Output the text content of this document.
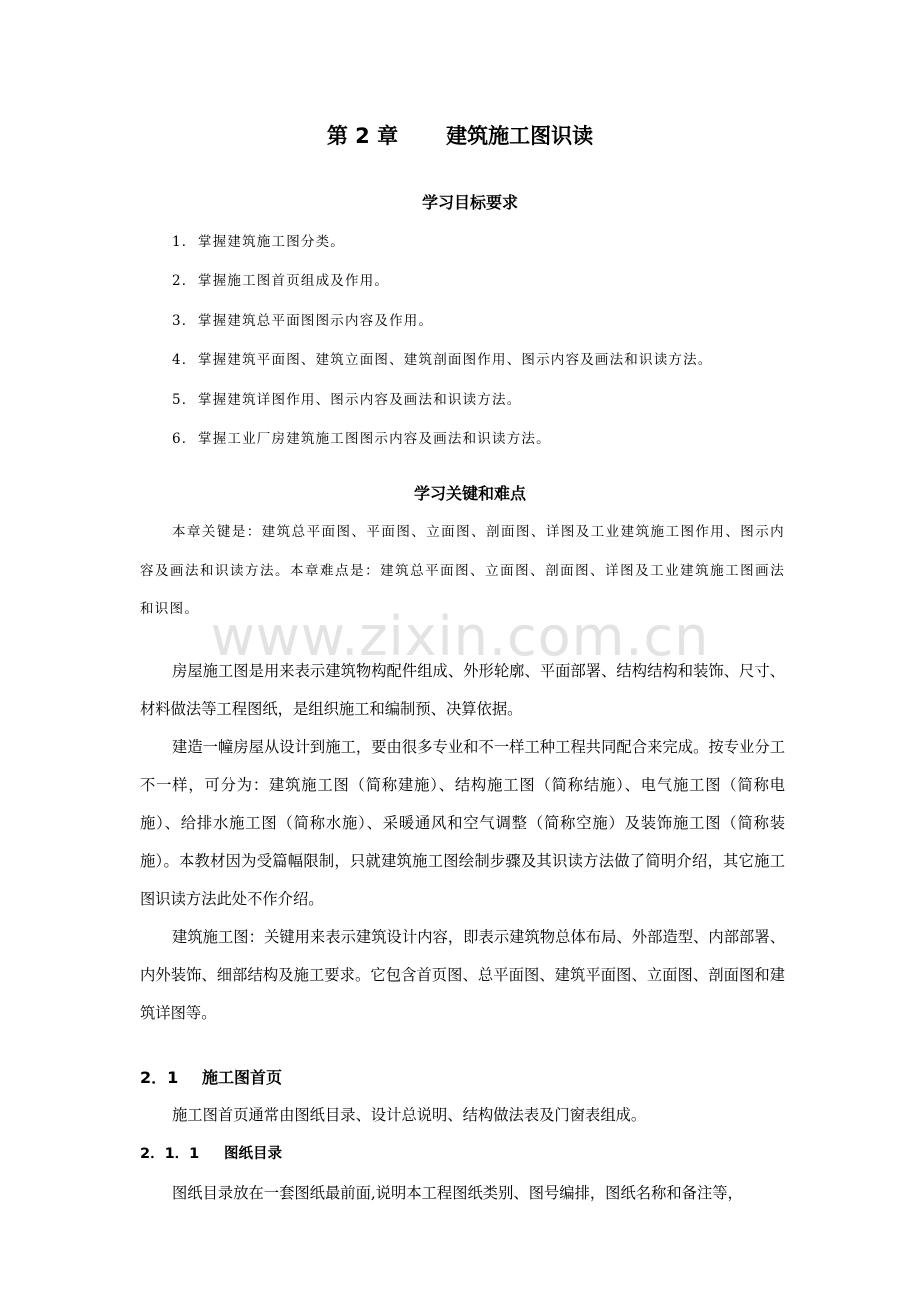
第 2 章 建筑施工图识读
学习目标要求
1． 掌握建筑施工图分类。
2． 掌握施工图首页组成及作用。
3． 掌握建筑总平面图图示内容及作用。
4． 掌握建筑平面图、建筑立面图、建筑剖面图作用、图示内容及画法和识读方法。
5． 掌握建筑详图作用、图示内容及画法和识读方法。
6． 掌握工业厂房建筑施工图图示内容及画法和识读方法。
学习关键和难点

本章关键是：建筑总平面图、平面图、立面图、剖面图、详图及工业建筑施工图作用、图示内容及画法和识读方法。本章难点是：建筑总平面图、立面图、剖面图、详图及工业建筑施工图画法和识图。 www.zixin.com.cn

房屋施工图是用来表示建筑物构配件组成、外形轮廓、平面部署、结构结构和装饰、尺寸、材料做法等工程图纸，是组织施工和编制预、决算依据。

建造一幢房屋从设计到施工，要由很多专业和不一样工种工程共同配合来完成。按专业分工不一样，可分为：建筑施工图（简称建施）、结构施工图（简称结施）、电气施工图（简称电施）、给排水施工图（简称水施）、采暖通风和空气调整（简称空施）及装饰施工图（简称装施）。本教材因为受篇幅限制，只就建筑施工图绘制步骤及其识读方法做了简明介绍，其它施工图识读方法此处不作介绍。

建筑施工图：关键用来表示建筑设计内容，即表示建筑物总体布局、外部造型、内部部署、内外装饰、细部结构及施工要求。它包含首页图、总平面图、建筑平面图、立面图、剖面图和建筑详图等。

2．1 施工图首页

施工图首页通常由图纸目录、设计总说明、结构做法表及门窗表组成。

2．1．1 图纸目录

图纸目录放在一套图纸最前面,说明本工程图纸类别、图号编排，图纸名称和备注等，
